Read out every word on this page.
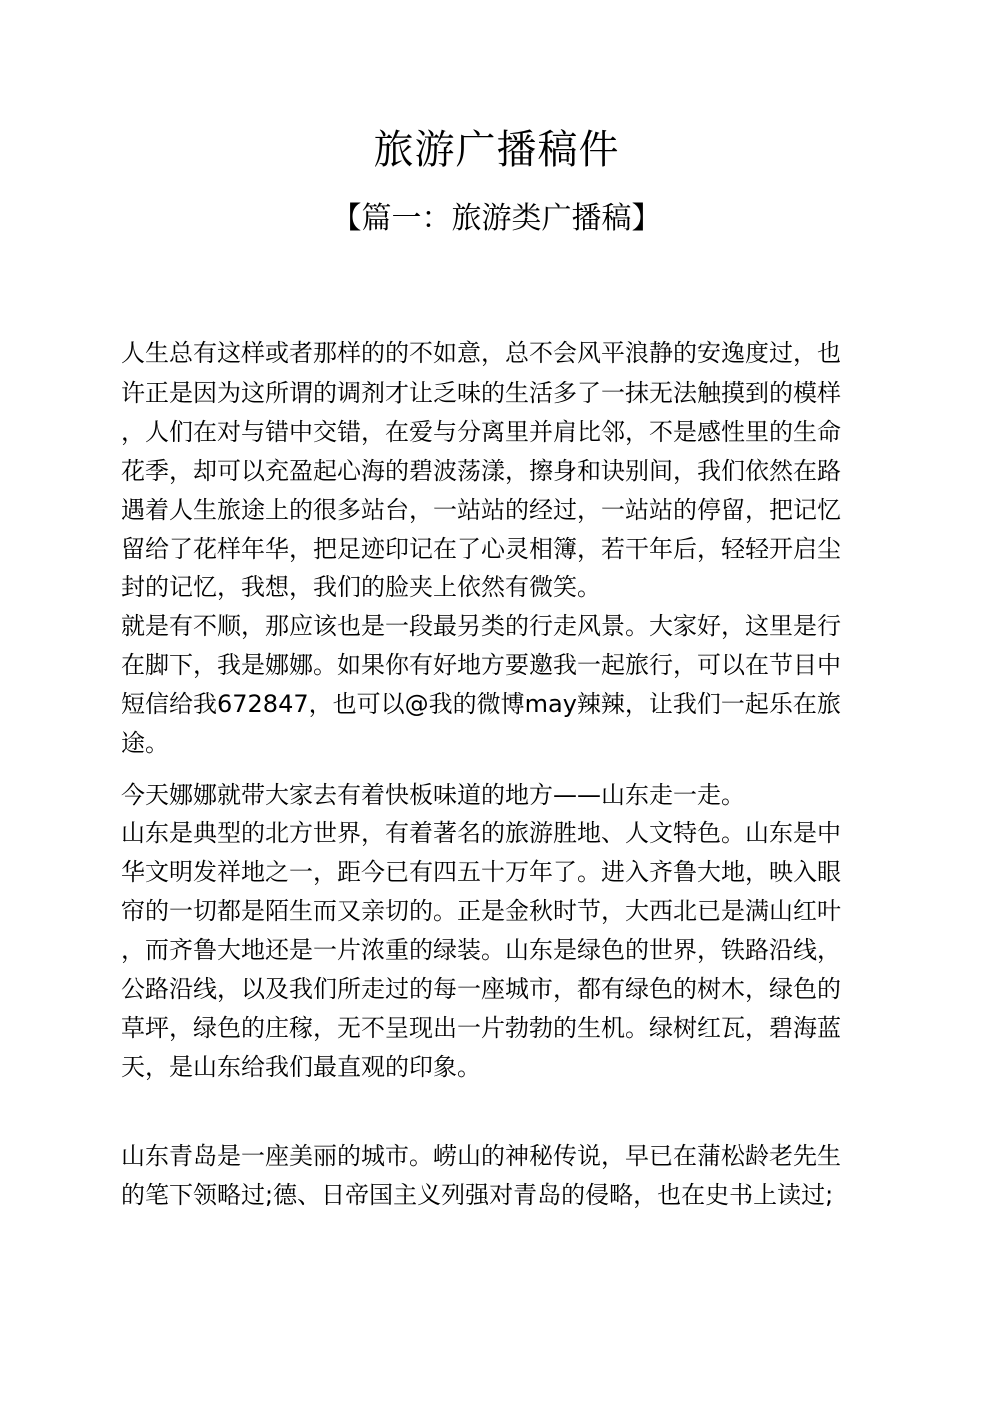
旅游广播稿件
【篇一：旅游类广播稿】
人生总有这样或者那样的的不如意，总不会风平浪静的安逸度过，也
许正是因为这所谓的调剂才让乏味的生活多了一抹无法触摸到的模样
，人们在对与错中交错，在爱与分离里并肩比邻，不是感性里的生命
花季，却可以充盈起心海的碧波荡漾，擦身和诀别间，我们依然在路
遇着人生旅途上的很多站台，一站站的经过，一站站的停留，把记忆
留给了花样年华，把足迹印记在了心灵相簿，若干年后，轻轻开启尘
封的记忆，我想，我们的脸夹上依然有微笑。
就是有不顺，那应该也是一段最另类的行走风景。大家好，这里是行
在脚下，我是娜娜。如果你有好地方要邀我一起旅行，可以在节目中
短信给我672847，也可以@我的微博may辣辣，让我们一起乐在旅
途。
今天娜娜就带大家去有着快板味道的地方——山东走一走。
山东是典型的北方世界，有着著名的旅游胜地、人文特色。山东是中
华文明发祥地之一，距今已有四五十万年了。进入齐鲁大地，映入眼
帘的一切都是陌生而又亲切的。正是金秋时节，大西北已是满山红叶
，而齐鲁大地还是一片浓重的绿装。山东是绿色的世界，铁路沿线，
公路沿线，以及我们所走过的每一座城市，都有绿色的树木，绿色的
草坪，绿色的庄稼，无不呈现出一片勃勃的生机。绿树红瓦，碧海蓝
天，是山东给我们最直观的印象。
山东青岛是一座美丽的城市。崂山的神秘传说，早已在蒲松龄老先生
的笔下领略过;德、日帝国主义列强对青岛的侵略，也在史书上读过;
